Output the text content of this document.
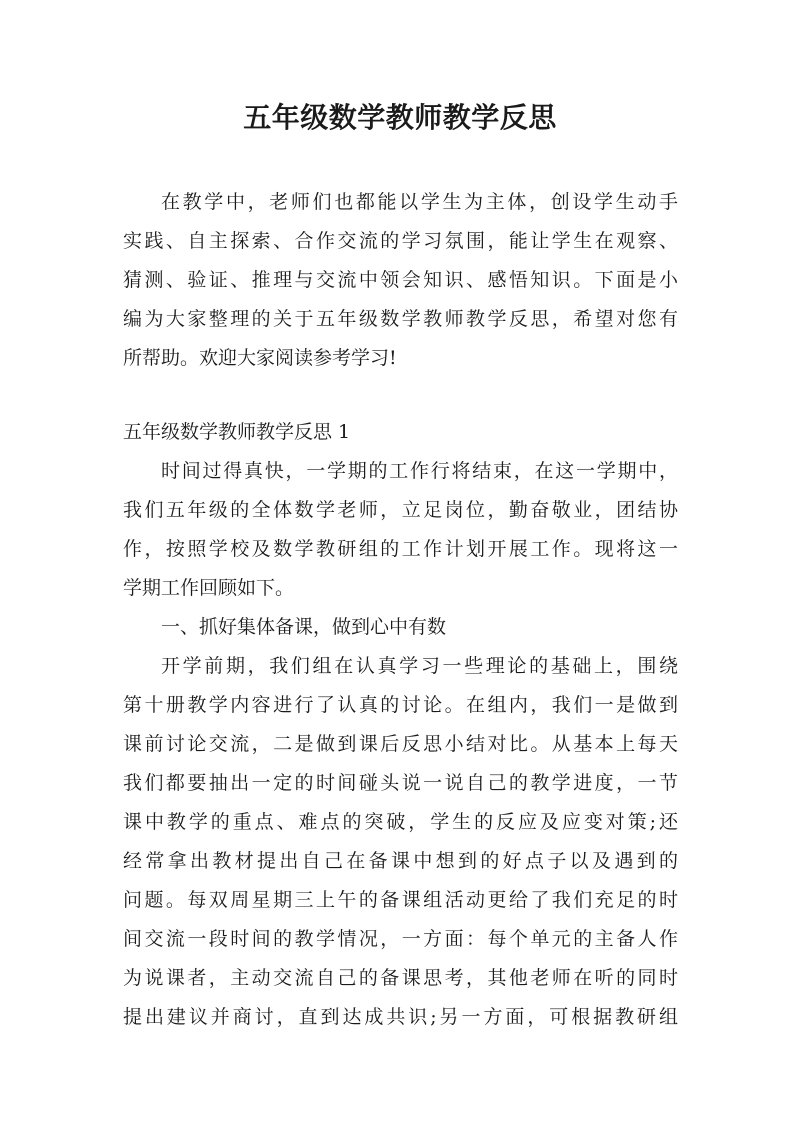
五年级数学教师教学反思
在教学中，老师们也都能以学生为主体，创设学生动手
实践、自主探索、合作交流的学习氛围，能让学生在观察、
猜测、验证、推理与交流中领会知识、感悟知识。下面是小
编为大家整理的关于五年级数学教师教学反思，希望对您有
所帮助。欢迎大家阅读参考学习!
五年级数学教师教学反思 1
时间过得真快，一学期的工作行将结束，在这一学期中，
我们五年级的全体数学老师，立足岗位，勤奋敬业，团结协
作，按照学校及数学教研组的工作计划开展工作。现将这一
学期工作回顾如下。
一、抓好集体备课，做到心中有数
开学前期，我们组在认真学习一些理论的基础上，围绕
第十册教学内容进行了认真的讨论。在组内，我们一是做到
课前讨论交流，二是做到课后反思小结对比。从基本上每天
我们都要抽出一定的时间碰头说一说自己的教学进度，一节
课中教学的重点、难点的突破，学生的反应及应变对策;还
经常拿出教材提出自己在备课中想到的好点子以及遇到的
问题。每双周星期三上午的备课组活动更给了我们充足的时
间交流一段时间的教学情况，一方面：每个单元的主备人作
为说课者，主动交流自己的备课思考，其他老师在听的同时
提出建议并商讨，直到达成共识;另一方面，可根据教研组
